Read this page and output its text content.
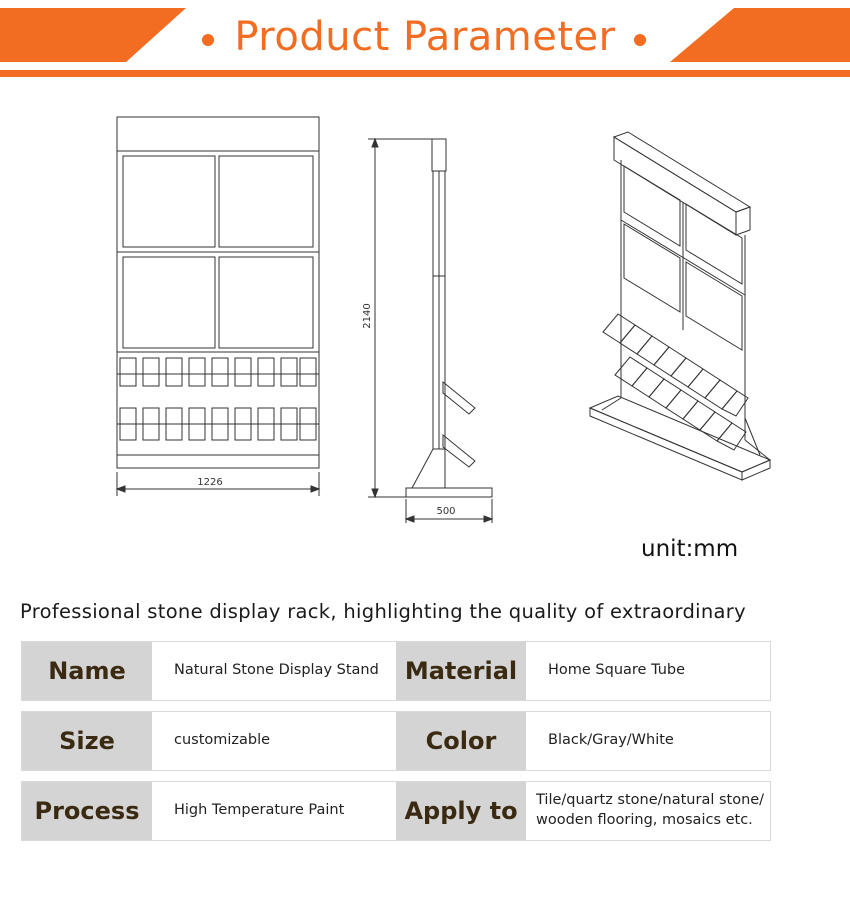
Product Parameter
1226
2140
500
unit:mm
Professional stone display rack, highlighting the quality of extraordinary
Name	Natural Stone Display Stand	Material	Home Square Tube
Size	customizable	Color	Black/Gray/White
Process	High Temperature Paint	Apply to	Tile/quartz stone/natural stone/
wooden flooring, mosaics etc.
